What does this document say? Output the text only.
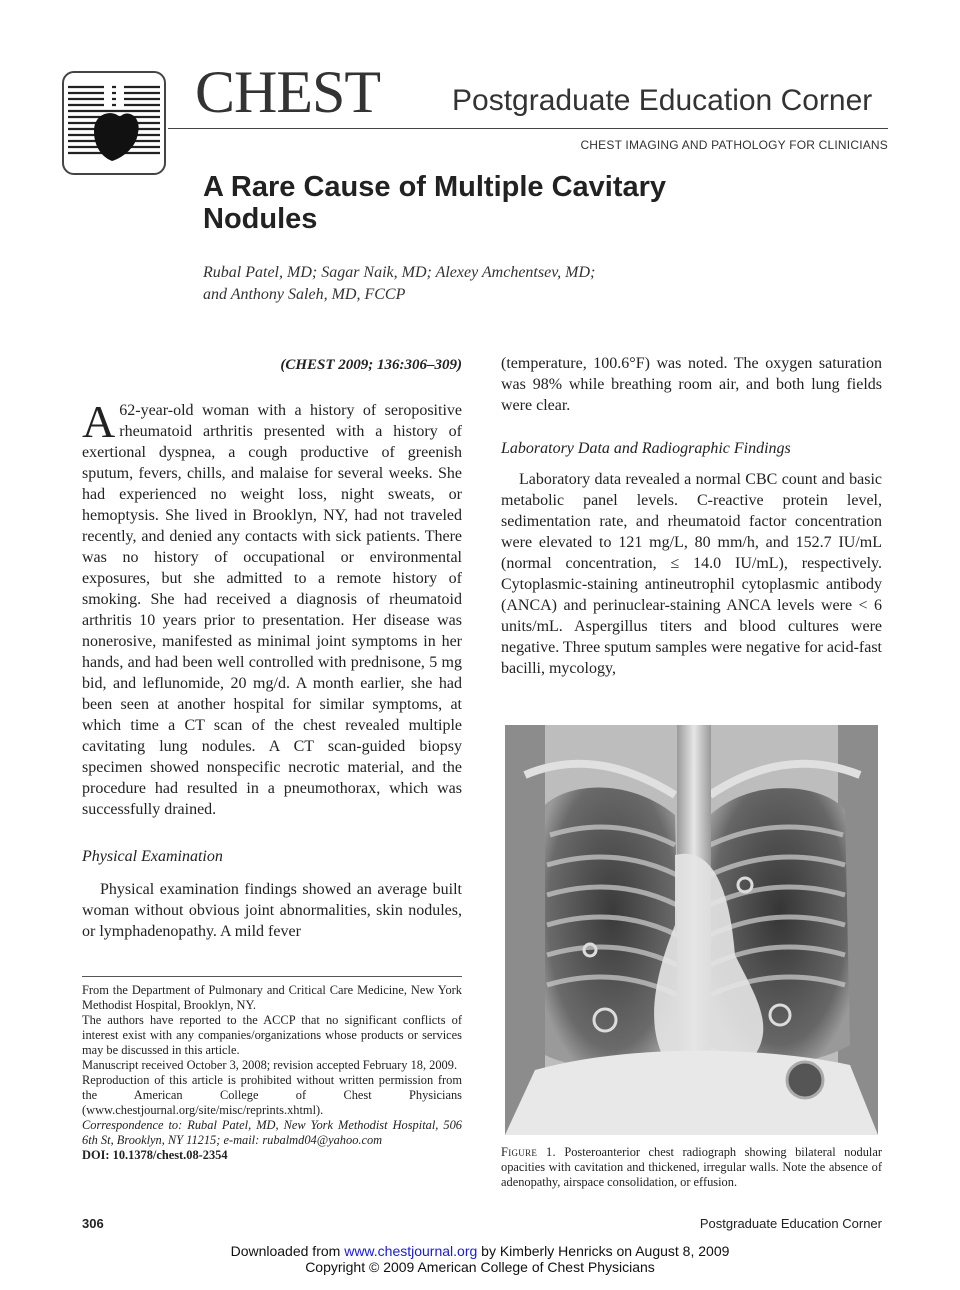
CHEST Postgraduate Education Corner
CHEST IMAGING AND PATHOLOGY FOR CLINICIANS
A Rare Cause of Multiple Cavitary Nodules
Rubal Patel, MD; Sagar Naik, MD; Alexey Amchentsev, MD;
and Anthony Saleh, MD, FCCP
(CHEST 2009; 136:306–309)

A 62-year-old woman with a history of seropositive rheumatoid arthritis presented with a history of exertional dyspnea, a cough productive of greenish sputum, fevers, chills, and malaise for several weeks. She had experienced no weight loss, night sweats, or hemoptysis. She lived in Brooklyn, NY, had not traveled recently, and denied any contacts with sick patients. There was no history of occupational or environmental exposures, but she admitted to a remote history of smoking. She had received a diagnosis of rheumatoid arthritis 10 years prior to presentation. Her disease was nonerosive, manifested as minimal joint symptoms in her hands, and had been well controlled with prednisone, 5 mg bid, and leflunomide, 20 mg/d. A month earlier, she had been seen at another hospital for similar symptoms, at which time a CT scan of the chest revealed multiple cavitating lung nodules. A CT scan-guided biopsy specimen showed nonspecific necrotic material, and the procedure had resulted in a pneumothorax, which was successfully drained.

Physical Examination

Physical examination findings showed an average built woman without obvious joint abnormalities, skin nodules, or lymphadenopathy. A mild fever

From the Department of Pulmonary and Critical Care Medicine, New York Methodist Hospital, Brooklyn, NY.

The authors have reported to the ACCP that no significant conflicts of interest exist with any companies/organizations whose products or services may be discussed in this article.

Manuscript received October 3, 2008; revision accepted February 18, 2009.

Reproduction of this article is prohibited without written permission from the American College of Chest Physicians (www.chestjournal.org/site/misc/reprints.xhtml).

Correspondence to: Rubal Patel, MD, New York Methodist Hospital, 506 6th St, Brooklyn, NY 11215; e-mail: rubalmd04@yahoo.com

DOI: 10.1378/chest.08-2354

(temperature, 100.6°F) was noted. The oxygen saturation was 98% while breathing room air, and both lung fields were clear.

Laboratory Data and Radiographic Findings

Laboratory data revealed a normal CBC count and basic metabolic panel levels. C-reactive protein level, sedimentation rate, and rheumatoid factor concentration were elevated to 121 mg/L, 80 mm/h, and 152.7 IU/mL (normal concentration, ≤ 14.0 IU/mL), respectively. Cytoplasmic-staining antineutrophil cytoplasmic antibody (ANCA) and perinuclear-staining ANCA levels were < 6 units/mL. Aspergillus titers and blood cultures were negative. Three sputum samples were negative for acid-fast bacilli, mycology,

Figure 1. Posteroanterior chest radiograph showing bilateral nodular opacities with cavitation and thickened, irregular walls. Note the absence of adenopathy, airspace consolidation, or effusion.
306	Postgraduate Education Corner
Downloaded from www.chestjournal.org by Kimberly Henricks on August 8, 2009
Copyright © 2009 American College of Chest Physicians
